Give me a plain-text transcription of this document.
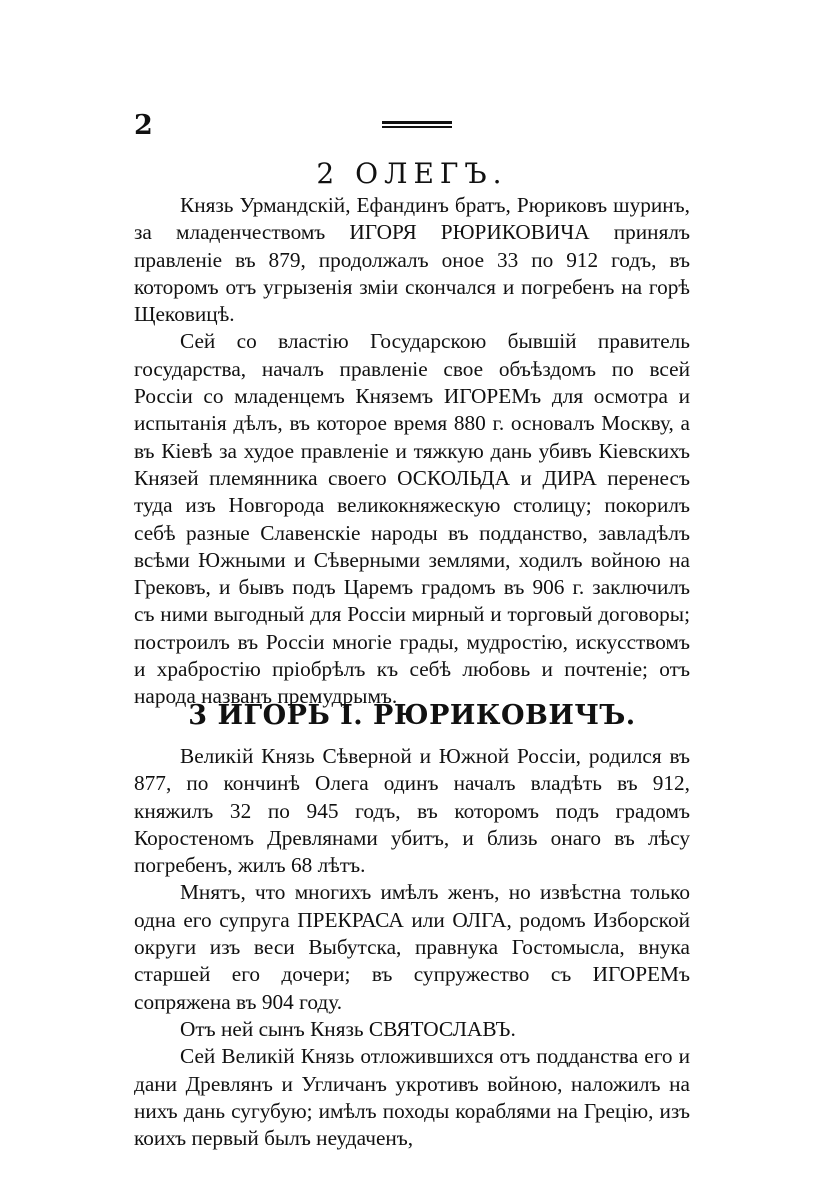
2
2 ОЛЕГЪ.

Князь Урмандскiй, Ефандинъ братъ, Рюриковъ шуринъ, за младенчествомъ ИГОРЯ РЮРИКОВИЧА принялъ правленiе въ 879, продолжалъ оное 33 по 912 годъ, въ которомъ отъ угрызенiя змiи скончался и погребенъ на горѣ Щековицѣ.

Сей со властiю Государскою бывшiй правитель государства, началъ правленiе свое объѣздомъ по всей Россiи со младенцемъ Княземъ ИГОРЕМъ для осмотра и испытанiя дѣлъ, въ которое время 880 г. основалъ Москву, а въ Кiевѣ за худое правленiе и тяжкую дань убивъ Кiевскихъ Князей племянника своего ОСКОЛЬДА и ДИРА перенесъ туда изъ Новгорода великокняжескую столицу; покорилъ себѣ разные Славенскiе народы въ подданство, завладѣлъ всѣми Южными и Сѣверными землями, ходилъ войною на Грековъ, и бывъ подъ Царемъ градомъ въ 906 г. заключилъ съ ними выгодный для Россiи мирный и торговый договоры; построилъ въ Россiи многiе грады, мудростiю, искусствомъ и храбростiю прiобрѣлъ къ себѣ любовь и почтенiе; отъ народа названъ премудрымъ.

3 ИГОРЬ I. РЮРИКОВИЧЪ.

Великiй Князь Сѣверной и Южной Россiи, родился въ 877, по кончинѣ Олега одинъ началъ владѣть въ 912, княжилъ 32 по 945 годъ, въ которомъ подъ градомъ Коростеномъ Древлянами убитъ, и близь онаго въ лѣсу погребенъ, жилъ 68 лѣтъ.

Мнятъ, что многихъ имѣлъ женъ, но извѣстна только одна его супруга ПРЕКРАСА или ОЛГА, родомъ Изборской округи изъ веси Выбутска, правнука Гостомысла, внука старшей его дочери; въ супружество съ ИГОРЕМъ сопряжена въ 904 году.

Отъ ней сынъ Князь СВЯТОСЛАВЪ.

Сей Великiй Князь отложившихся отъ подданства его и дани Древлянъ и Угличанъ укротивъ войною, наложилъ на нихъ дань сугубую; имѣлъ походы кораблями на Грецiю, изъ коихъ первый былъ неудаченъ,
